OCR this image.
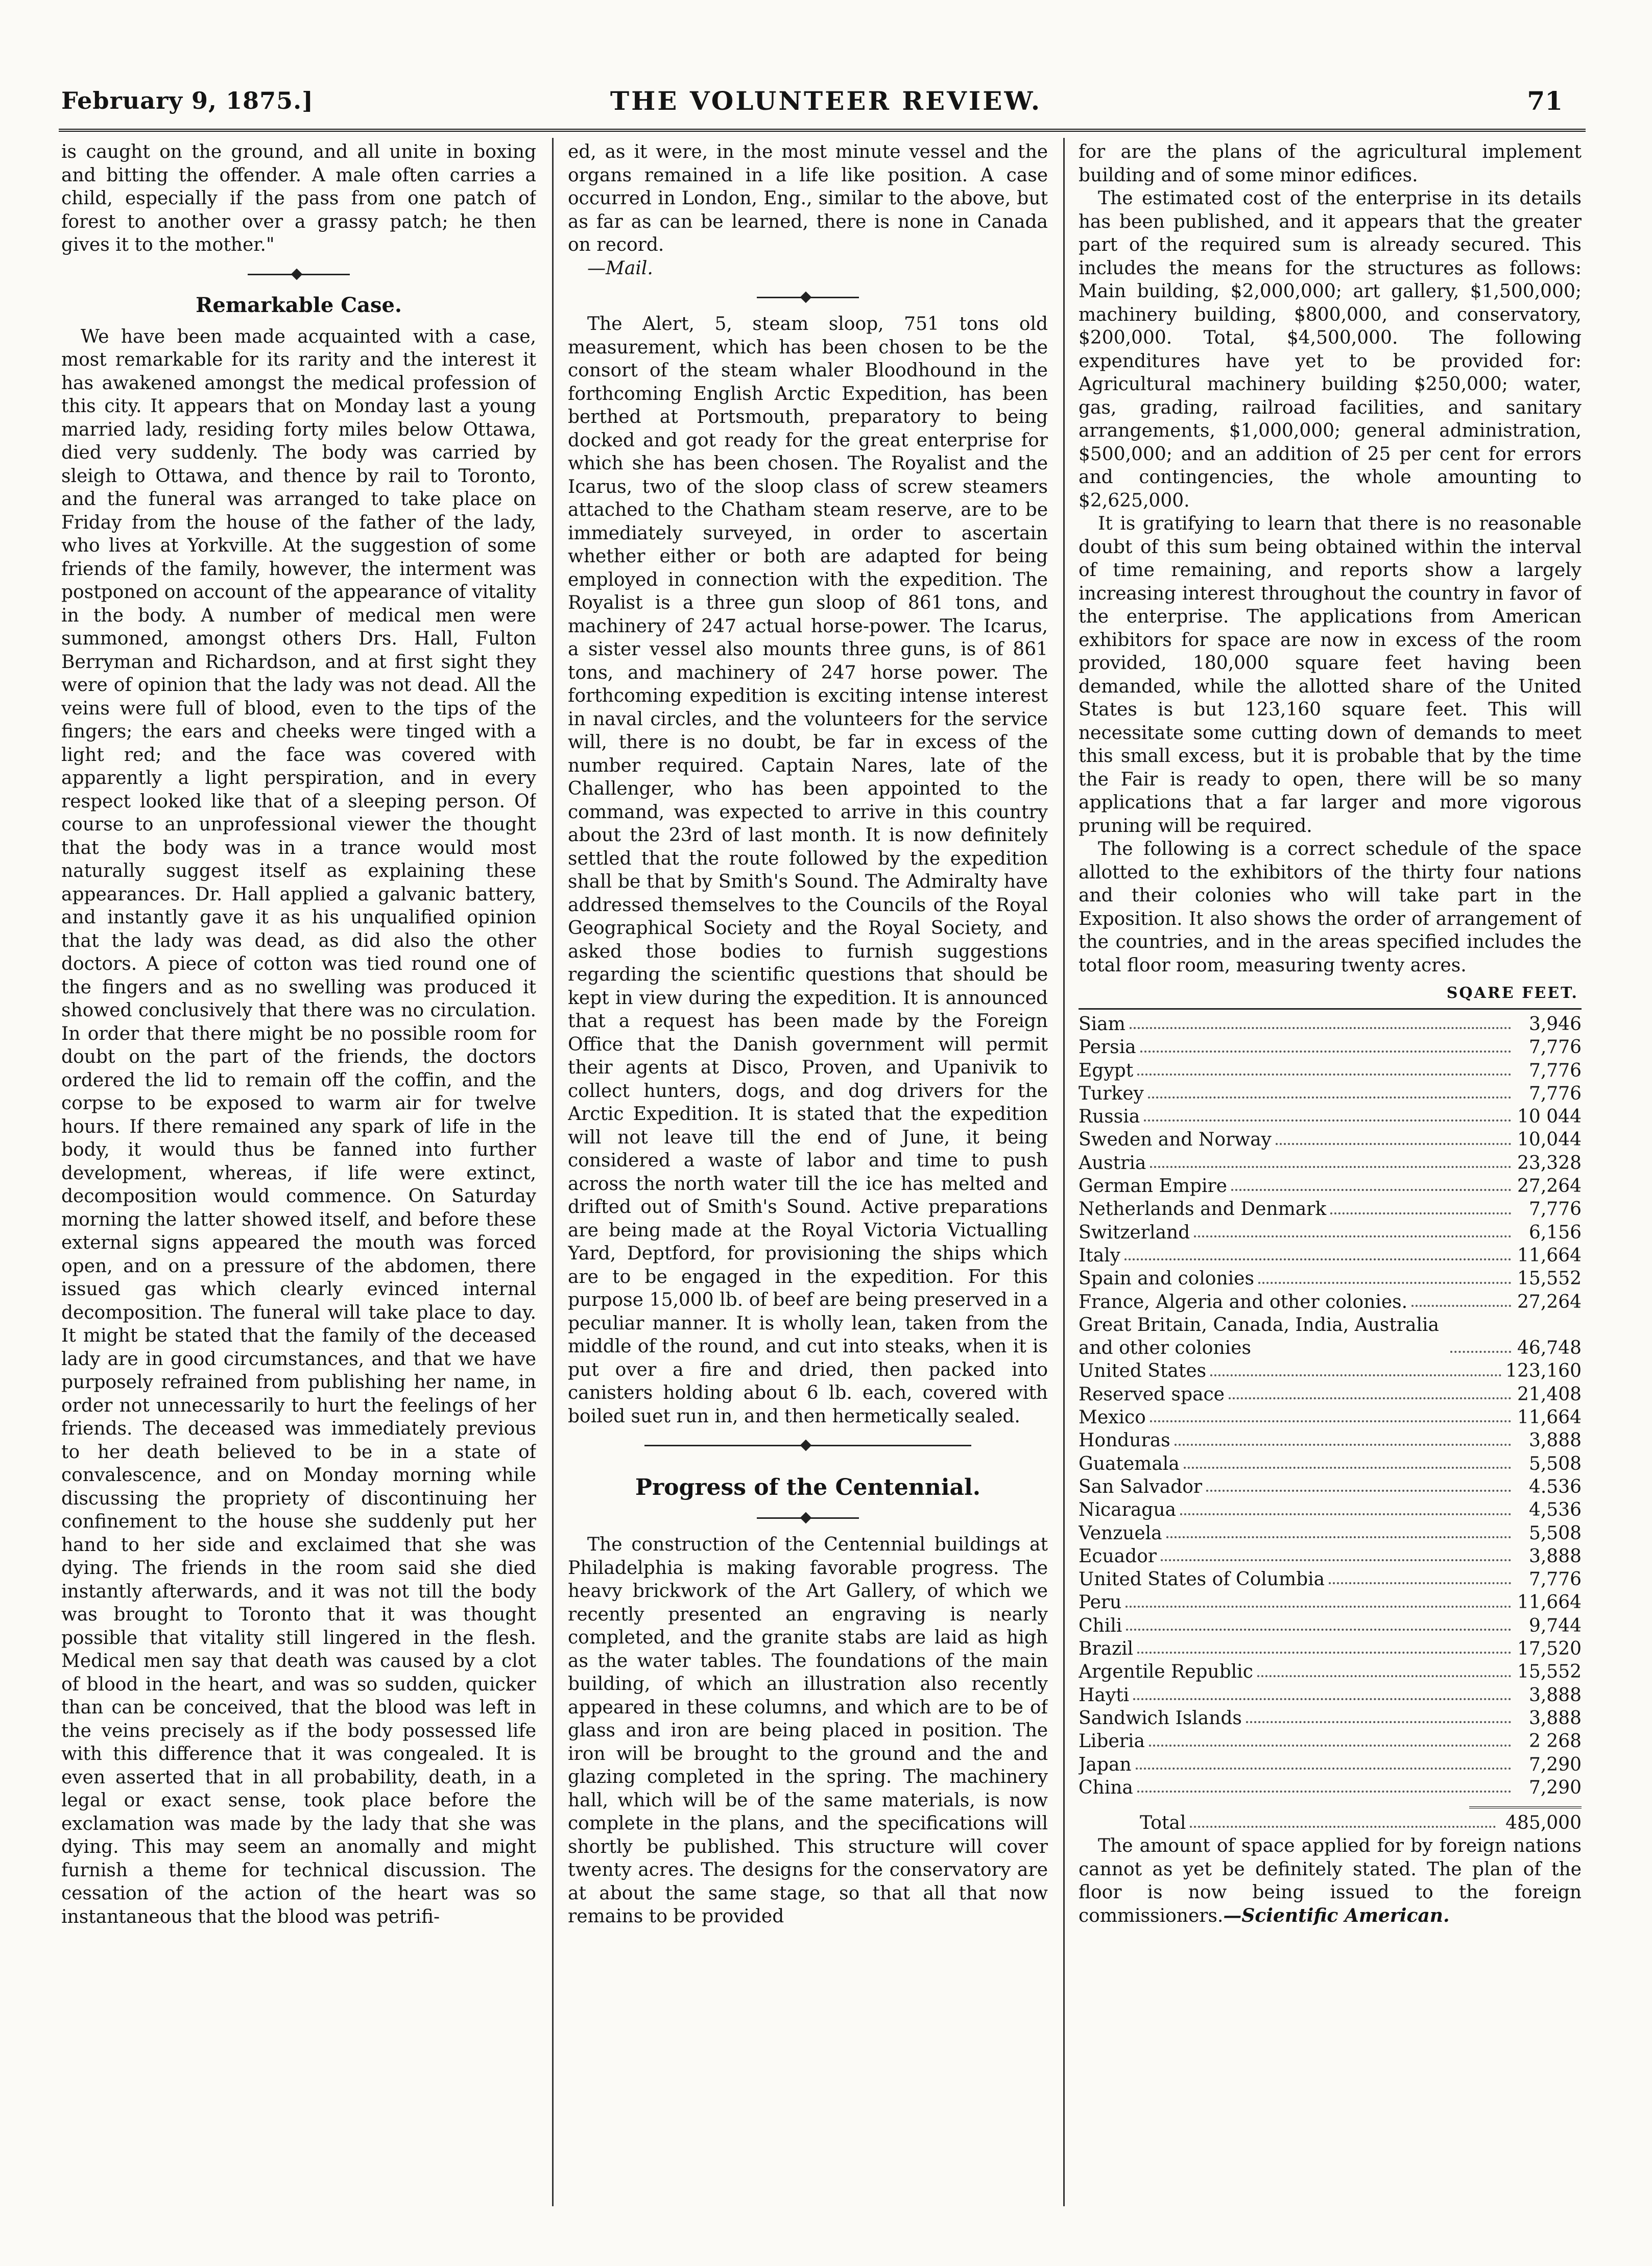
February 9, 1875.]	THE VOLUNTEER REVIEW.	71

is caught on the ground, and all unite in boxing and bitting the offender. A male often carries a child, especially if the pass from one patch of forest to another over a grassy patch; he then gives it to the mother."

Remarkable Case.

We have been made acquainted with a case, most remarkable for its rarity and the interest it has awakened amongst the medical profession of this city. It appears that on Monday last a young married lady, residing forty miles below Ottawa, died very suddenly. The body was carried by sleigh to Ottawa, and thence by rail to Toronto, and the funeral was arranged to take place on Friday from the house of the father of the lady, who lives at Yorkville. At the suggestion of some friends of the family, however, the interment was postponed on account of the appearance of vitality in the body. A number of medical men were summoned, amongst others Drs. Hall, Fulton Berryman and Richardson, and at first sight they were of opinion that the lady was not dead. All the veins were full of blood, even to the tips of the fingers; the ears and cheeks were tinged with a light red; and the face was covered with apparently a light perspiration, and in every respect looked like that of a sleeping person. Of course to an unprofessional viewer the thought that the body was in a trance would most naturally suggest itself as explaining these appearances. Dr. Hall applied a galvanic battery, and instantly gave it as his unqualified opinion that the lady was dead, as did also the other doctors. A piece of cotton was tied round one of the fingers and as no swelling was produced it showed conclusively that there was no circulation. In order that there might be no possible room for doubt on the part of the friends, the doctors ordered the lid to remain off the coffin, and the corpse to be exposed to warm air for twelve hours. If there remained any spark of life in the body, it would thus be fanned into further development, whereas, if life were extinct, decomposition would commence. On Saturday morning the latter showed itself, and before these external signs appeared the mouth was forced open, and on a pressure of the abdomen, there issued gas which clearly evinced internal decomposition. The funeral will take place to day. It might be stated that the family of the deceased lady are in good circumstances, and that we have purposely refrained from publishing her name, in order not unnecessarily to hurt the feelings of her friends. The deceased was immediately previous to her death believed to be in a state of convalescence, and on Monday morning while discussing the propriety of discontinuing her confinement to the house she suddenly put her hand to her side and exclaimed that she was dying. The friends in the room said she died instantly afterwards, and it was not till the body was brought to Toronto that it was thought possible that vitality still lingered in the flesh. Medical men say that death was caused by a clot of blood in the heart, and was so sudden, quicker than can be conceived, that the blood was left in the veins precisely as if the body possessed life with this difference that it was congealed. It is even asserted that in all probability, death, in a legal or exact sense, took place before the exclamation was made by the lady that she was dying. This may seem an anomally and might furnish a theme for technical discussion. The cessation of the action of the heart was so instantaneous that the blood was petrifi-

ed, as it were, in the most minute vessel and the organs remained in a life like position. A case occurred in London, Eng., similar to the above, but as far as can be learned, there is none in Canada on record.

—Mail.

The Alert, 5, steam sloop, 751 tons old measurement, which has been chosen to be the consort of the steam whaler Bloodhound in the forthcoming English Arctic Expedition, has been berthed at Portsmouth, preparatory to being docked and got ready for the great enterprise for which she has been chosen. The Royalist and the Icarus, two of the sloop class of screw steamers attached to the Chatham steam reserve, are to be immediately surveyed, in order to ascertain whether either or both are adapted for being employed in connection with the expedition. The Royalist is a three gun sloop of 861 tons, and machinery of 247 actual horse-power. The Icarus, a sister vessel also mounts three guns, is of 861 tons, and machinery of 247 horse power. The forthcoming expedition is exciting intense interest in naval circles, and the volunteers for the service will, there is no doubt, be far in excess of the number required. Captain Nares, late of the Challenger, who has been appointed to the command, was expected to arrive in this country about the 23rd of last month. It is now definitely settled that the route followed by the expedition shall be that by Smith's Sound. The Admiralty have addressed themselves to the Councils of the Royal Geographical Society and the Royal Society, and asked those bodies to furnish suggestions regarding the scientific questions that should be kept in view during the expedition. It is announced that a request has been made by the Foreign Office that the Danish government will permit their agents at Disco, Proven, and Upanivik to collect hunters, dogs, and dog drivers for the Arctic Expedition. It is stated that the expedition will not leave till the end of June, it being considered a waste of labor and time to push across the north water till the ice has melted and drifted out of Smith's Sound. Active preparations are being made at the Royal Victoria Victualling Yard, Deptford, for provisioning the ships which are to be engaged in the expedition. For this purpose 15,000 lb. of beef are being preserved in a peculiar manner. It is wholly lean, taken from the middle of the round, and cut into steaks, when it is put over a fire and dried, then packed into canisters holding about 6 lb. each, covered with boiled suet run in, and then hermetically sealed.

Progress of the Centennial.

The construction of the Centennial buildings at Philadelphia is making favorable progress. The heavy brickwork of the Art Gallery, of which we recently presented an engraving is nearly completed, and the granite stabs are laid as high as the water tables. The foundations of the main building, of which an illustration also recently appeared in these columns, and which are to be of glass and iron are being placed in position. The iron will be brought to the ground and the and glazing completed in the spring. The machinery hall, which will be of the same materials, is now complete in the plans, and the specifications will shortly be published. This structure will cover twenty acres. The designs for the conservatory are at about the same stage, so that all that now remains to be provided

for are the plans of the agricultural implement building and of some minor edifices.

The estimated cost of the enterprise in its details has been published, and it appears that the greater part of the required sum is already secured. This includes the means for the structures as follows: Main building, $2,000,000; art gallery, $1,500,000; machinery building, $800,000, and conservatory, $200,000. Total, $4,500,000. The following expenditures have yet to be provided for: Agricultural machinery building $250,000; water, gas, grading, railroad facilities, and sanitary arrangements, $1,000,000; general administration, $500,000; and an addition of 25 per cent for errors and contingencies, the whole amounting to $2,625,000.

It is gratifying to learn that there is no reasonable doubt of this sum being obtained within the interval of time remaining, and reports show a largely increasing interest throughout the country in favor of the enterprise. The applications from American exhibitors for space are now in excess of the room provided, 180,000 square feet having been demanded, while the allotted share of the United States is but 123,160 square feet. This will necessitate some cutting down of demands to meet this small excess, but it is probable that by the time the Fair is ready to open, there will be so many applications that a far larger and more vigorous pruning will be required.

The following is a correct schedule of the space allotted to the exhibitors of the thirty four nations and their colonies who will take part in the Exposition. It also shows the order of arrangement of the countries, and in the areas specified includes the total floor room, measuring twenty acres.

SQARE FEET.
Siam	3,946
Persia	7,776
Egypt	7,776
Turkey	7,776
Russia	10 044
Sweden and Norway	10,044
Austria	23,328
German Empire	27,264
Netherlands and Denmark	7,776
Switzerland	6,156
Italy	11,664
Spain and colonies	15,552
France, Algeria and other colonies.	27,264
Great Britain, Canada, India, Australia and other colonies	46,748
United States	123,160
Reserved space	21,408
Mexico	11,664
Honduras	3,888
Guatemala	5,508
San Salvador	4.536
Nicaragua	4,536
Venzuela	5,508
Ecuador	3,888
United States of Columbia	7,776
Peru	11,664
Chili	9,744
Brazil	17,520
Argentile Republic	15,552
Hayti	3,888
Sandwich Islands	3,888
Liberia	2 268
Japan	7,290
China	7,290
Total	485,000

The amount of space applied for by foreign nations cannot as yet be definitely stated. The plan of the floor is now being issued to the foreign commissioners.—Scientific American.
